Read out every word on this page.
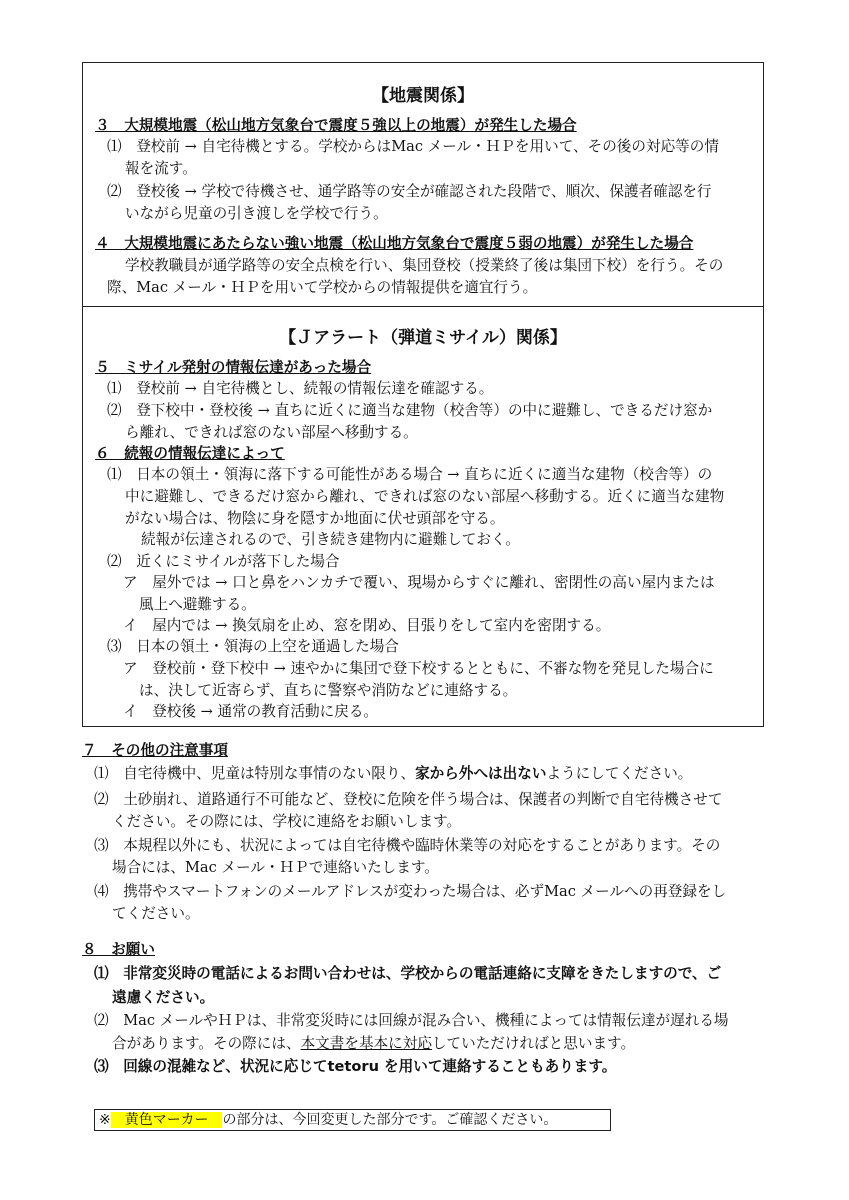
【地震関係】
３　大規模地震（松山地方気象台で震度５強以上の地震）が発生した場合
⑴　登校前 → 自宅待機とする。学校からはMac メール・ＨＰを用いて、その後の対応等の情
報を流す。
⑵　登校後 → 学校で待機させ、通学路等の安全が確認された段階で、順次、保護者確認を行
いながら児童の引き渡しを学校で行う。
４　大規模地震にあたらない強い地震（松山地方気象台で震度５弱の地震）が発生した場合
学校教職員が通学路等の安全点検を行い、集団登校（授業終了後は集団下校）を行う。その
際、Mac メール・ＨＰを用いて学校からの情報提供を適宜行う。
【Ｊアラート（弾道ミサイル）関係】
５　ミサイル発射の情報伝達があった場合
⑴　登校前 → 自宅待機とし、続報の情報伝達を確認する。
⑵　登下校中・登校後 → 直ちに近くに適当な建物（校舎等）の中に避難し、できるだけ窓か
ら離れ、できれば窓のない部屋へ移動する。
６　続報の情報伝達によって
⑴　日本の領土・領海に落下する可能性がある場合 → 直ちに近くに適当な建物（校舎等）の
中に避難し、できるだけ窓から離れ、できれば窓のない部屋へ移動する。近くに適当な建物
がない場合は、物陰に身を隠すか地面に伏せ頭部を守る。
続報が伝達されるので、引き続き建物内に避難しておく。
⑵　近くにミサイルが落下した場合
ア　屋外では → 口と鼻をハンカチで覆い、現場からすぐに離れ、密閉性の高い屋内または
風上へ避難する。
イ　屋内では → 換気扇を止め、窓を閉め、目張りをして室内を密閉する。
⑶　日本の領土・領海の上空を通過した場合
ア　登校前・登下校中 → 速やかに集団で登下校するとともに、不審な物を発見した場合に
は、決して近寄らず、直ちに警察や消防などに連絡する。
イ　登校後 → 通常の教育活動に戻る。
７　その他の注意事項
⑴　自宅待機中、児童は特別な事情のない限り、家から外へは出ないようにしてください。
⑵　土砂崩れ、道路通行不可能など、登校に危険を伴う場合は、保護者の判断で自宅待機させて
ください。その際には、学校に連絡をお願いします。
⑶　本規程以外にも、状況によっては自宅待機や臨時休業等の対応をすることがあります。その
場合には、Mac メール・ＨＰで連絡いたします。
⑷　携帯やスマートフォンのメールアドレスが変わった場合は、必ずMac メールへの再登録をし
てください。
８　お願い
⑴　非常変災時の電話によるお問い合わせは、学校からの電話連絡に支障をきたしますので、ご
遠慮ください。
⑵　Mac メールやＨＰは、非常変災時には回線が混み合い、機種によっては情報伝達が遅れる場
合があります。その際には、本文書を基本に対応していただければと思います。
⑶　回線の混雑など、状況に応じてtetoru を用いて連絡することもあります。
※ 黄色マーカー の部分は、今回変更した部分です。ご確認ください。
